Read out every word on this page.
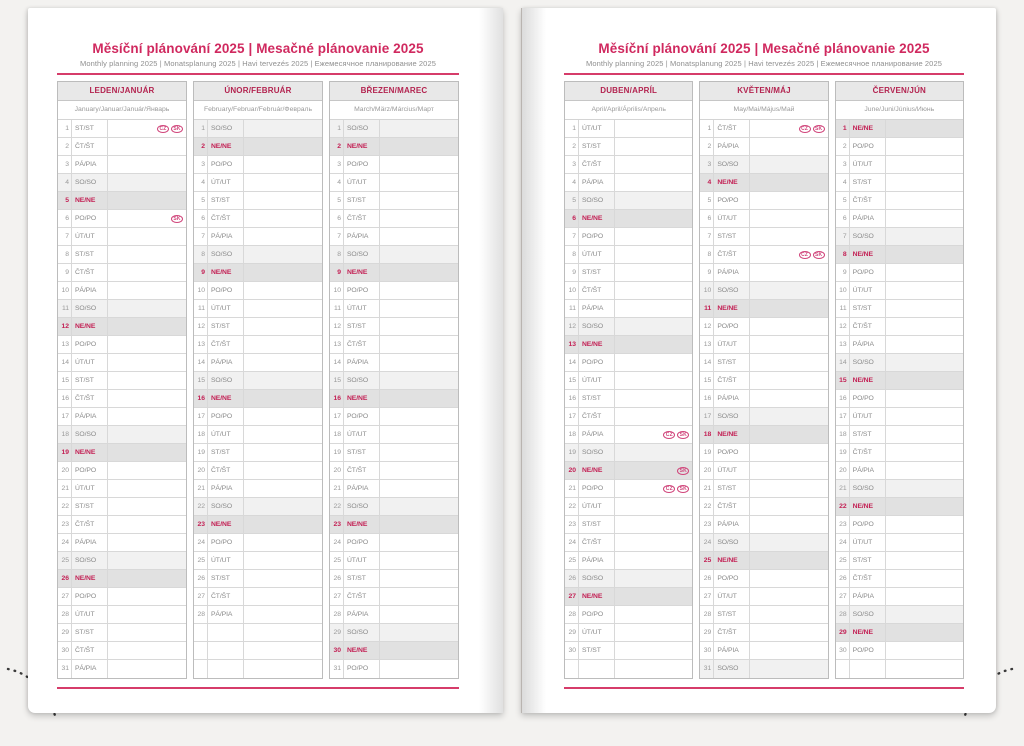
Měsíční plánování 2025 | Mesačné plánovanie 2025
Monthly planning 2025 | Monatsplanung 2025 | Havi tervezés 2025 | Ежемесячное планирование 2025
LEDEN/JANUÁR
January/Januar/Január/Январь
1 ST/ST	CZ	SK
2 ČT/ŠT
3 PÁ/PIA
4 SO/SO
5 NE/NE
6 PO/PO	SK
7 ÚT/UT
8 ST/ST
9 ČT/ŠT
10 PÁ/PIA
11 SO/SO
12 NE/NE
13 PO/PO
14 ÚT/UT
15 ST/ST
16 ČT/ŠT
17 PÁ/PIA
18 SO/SO
19 NE/NE
20 PO/PO
21 ÚT/UT
22 ST/ST
23 ČT/ŠT
24 PÁ/PIA
25 SO/SO
26 NE/NE
27 PO/PO
28 ÚT/UT
29 ST/ST
30 ČT/ŠT
31 PÁ/PIA
ÚNOR/FEBRUÁR
February/Februar/Február/Февраль
1 SO/SO
2 NE/NE
3 PO/PO
4 ÚT/UT
5 ST/ST
6 ČT/ŠT
7 PÁ/PIA
8 SO/SO
9 NE/NE
10 PO/PO
11 ÚT/UT
12 ST/ST
13 ČT/ŠT
14 PÁ/PIA
15 SO/SO
16 NE/NE
17 PO/PO
18 ÚT/UT
19 ST/ST
20 ČT/ŠT
21 PÁ/PIA
22 SO/SO
23 NE/NE
24 PO/PO
25 ÚT/UT
26 ST/ST
27 ČT/ŠT
28 PÁ/PIA
BŘEZEN/MAREC
March/März/Március/Март
1 SO/SO
2 NE/NE
3 PO/PO
4 ÚT/UT
5 ST/ST
6 ČT/ŠT
7 PÁ/PIA
8 SO/SO
9 NE/NE
10 PO/PO
11 ÚT/UT
12 ST/ST
13 ČT/ŠT
14 PÁ/PIA
15 SO/SO
16 NE/NE
17 PO/PO
18 ÚT/UT
19 ST/ST
20 ČT/ŠT
21 PÁ/PIA
22 SO/SO
23 NE/NE
24 PO/PO
25 ÚT/UT
26 ST/ST
27 ČT/ŠT
28 PÁ/PIA
29 SO/SO
30 NE/NE
31 PO/PO
Měsíční plánování 2025 | Mesačné plánovanie 2025
Monthly planning 2025 | Monatsplanung 2025 | Havi tervezés 2025 | Ежемесячное планирование 2025
DUBEN/APRÍL
April/April/Április/Апрель
1 ÚT/UT
2 ST/ST
3 ČT/ŠT
4 PÁ/PIA
5 SO/SO
6 NE/NE
7 PO/PO
8 ÚT/UT
9 ST/ST
10 ČT/ŠT
11 PÁ/PIA
12 SO/SO
13 NE/NE
14 PO/PO
15 ÚT/UT
16 ST/ST
17 ČT/ŠT
18 PÁ/PIA	CZ	SK
19 SO/SO
20 NE/NE	SK
21 PO/PO	CZ	SK
22 ÚT/UT
23 ST/ST
24 ČT/ŠT
25 PÁ/PIA
26 SO/SO
27 NE/NE
28 PO/PO
29 ÚT/UT
30 ST/ST
KVĚTEN/MÁJ
May/Mai/Május/Май
1 ČT/ŠT	CZ	SK
2 PÁ/PIA
3 SO/SO
4 NE/NE
5 PO/PO
6 ÚT/UT
7 ST/ST
8 ČT/ŠT	CZ	SK
9 PÁ/PIA
10 SO/SO
11 NE/NE
12 PO/PO
13 ÚT/UT
14 ST/ST
15 ČT/ŠT
16 PÁ/PIA
17 SO/SO
18 NE/NE
19 PO/PO
20 ÚT/UT
21 ST/ST
22 ČT/ŠT
23 PÁ/PIA
24 SO/SO
25 NE/NE
26 PO/PO
27 ÚT/UT
28 ST/ST
29 ČT/ŠT
30 PÁ/PIA
31 SO/SO
ČERVEN/JÚN
June/Juni/Június/Июнь
1 NE/NE
2 PO/PO
3 ÚT/UT
4 ST/ST
5 ČT/ŠT
6 PÁ/PIA
7 SO/SO
8 NE/NE
9 PO/PO
10 ÚT/UT
11 ST/ST
12 ČT/ŠT
13 PÁ/PIA
14 SO/SO
15 NE/NE
16 PO/PO
17 ÚT/UT
18 ST/ST
19 ČT/ŠT
20 PÁ/PIA
21 SO/SO
22 NE/NE
23 PO/PO
24 ÚT/UT
25 ST/ST
26 ČT/ŠT
27 PÁ/PIA
28 SO/SO
29 NE/NE
30 PO/PO
